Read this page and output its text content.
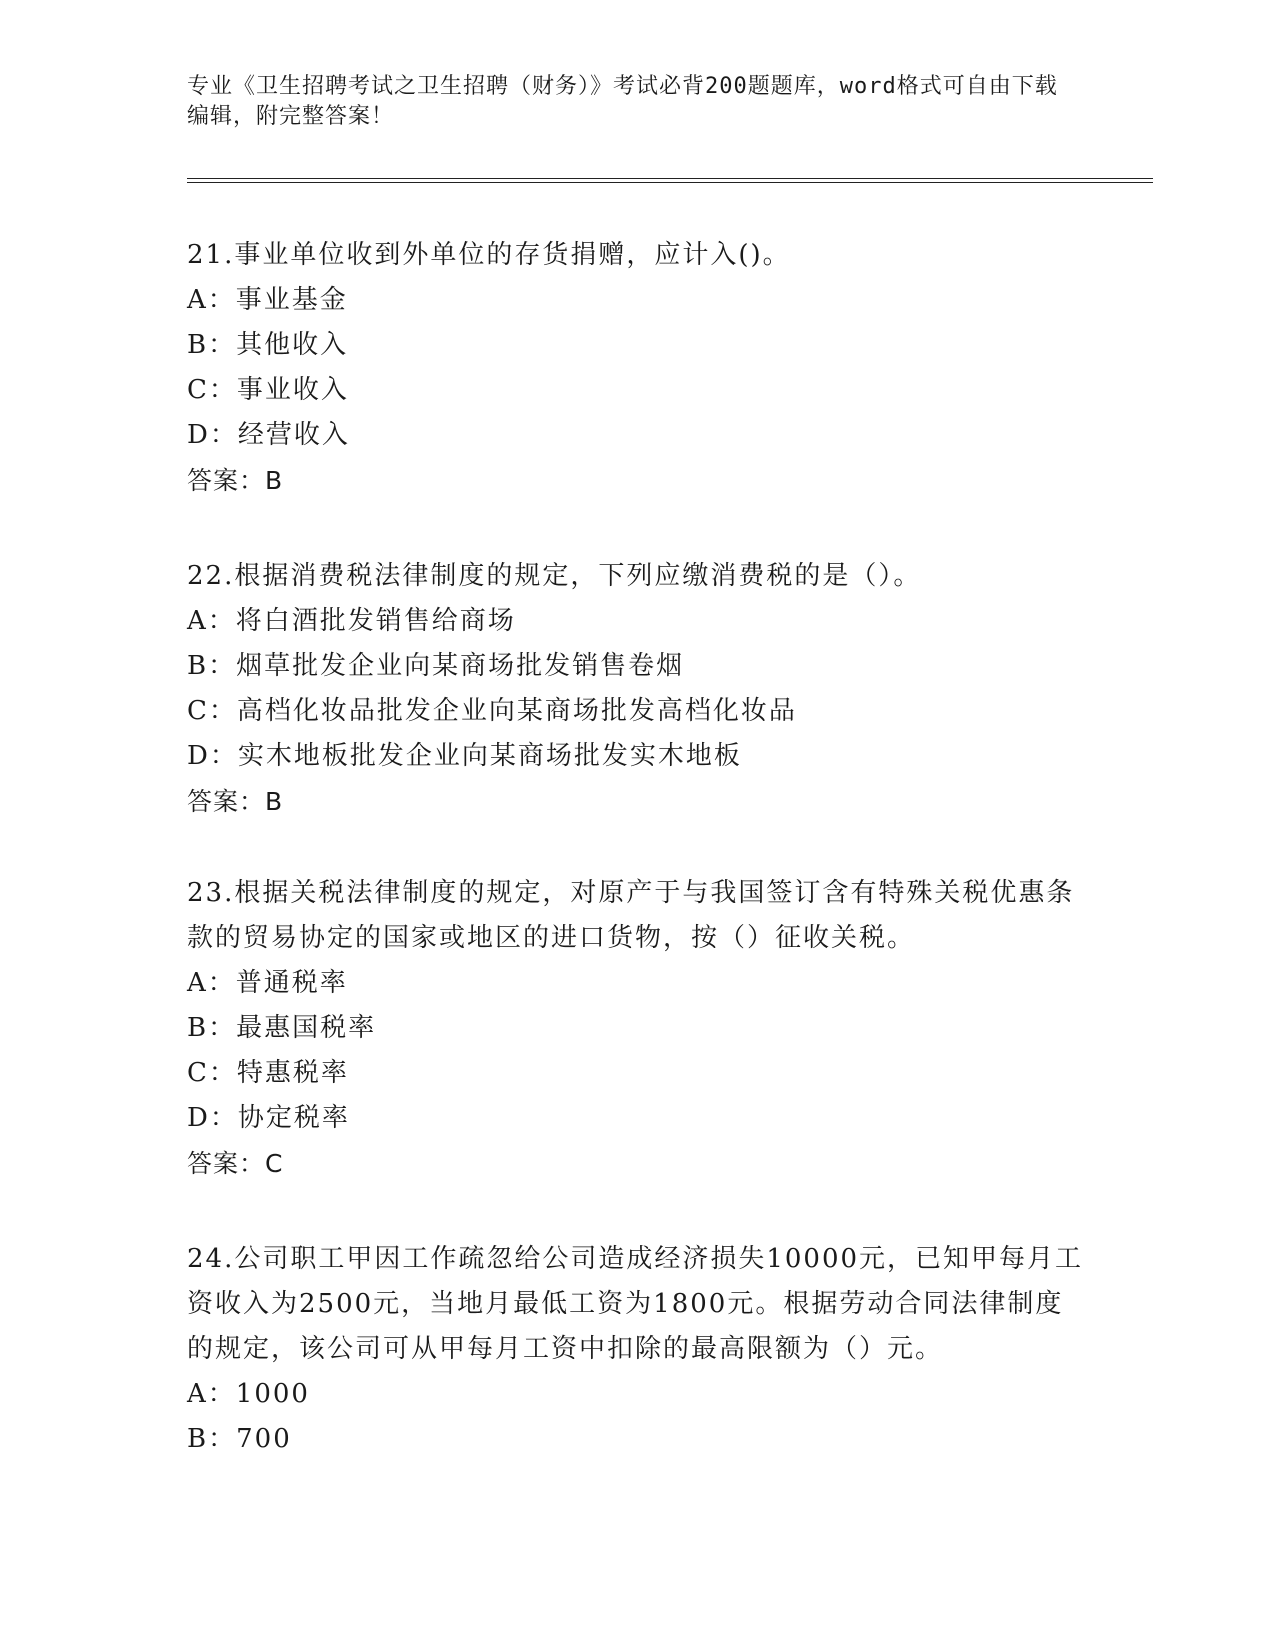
专业《卫生招聘考试之卫生招聘（财务）》考试必背200题题库，word格式可自由下载编辑，附完整答案！

21.事业单位收到外单位的存货捐赠，应计入()。

A：事业基金

B：其他收入

C：事业收入

D：经营收入

答案：B

22.根据消费税法律制度的规定，下列应缴消费税的是（）。

A：将白酒批发销售给商场

B：烟草批发企业向某商场批发销售卷烟

C：高档化妆品批发企业向某商场批发高档化妆品

D：实木地板批发企业向某商场批发实木地板

答案：B

23.根据关税法律制度的规定，对原产于与我国签订含有特殊关税优惠条款的贸易协定的国家或地区的进口货物，按（）征收关税。

A：普通税率

B：最惠国税率

C：特惠税率

D：协定税率

答案：C

24.公司职工甲因工作疏忽给公司造成经济损失10000元，已知甲每月工资收入为2500元，当地月最低工资为1800元。根据劳动合同法律制度的规定，该公司可从甲每月工资中扣除的最高限额为（）元。

A：1000

B：700
